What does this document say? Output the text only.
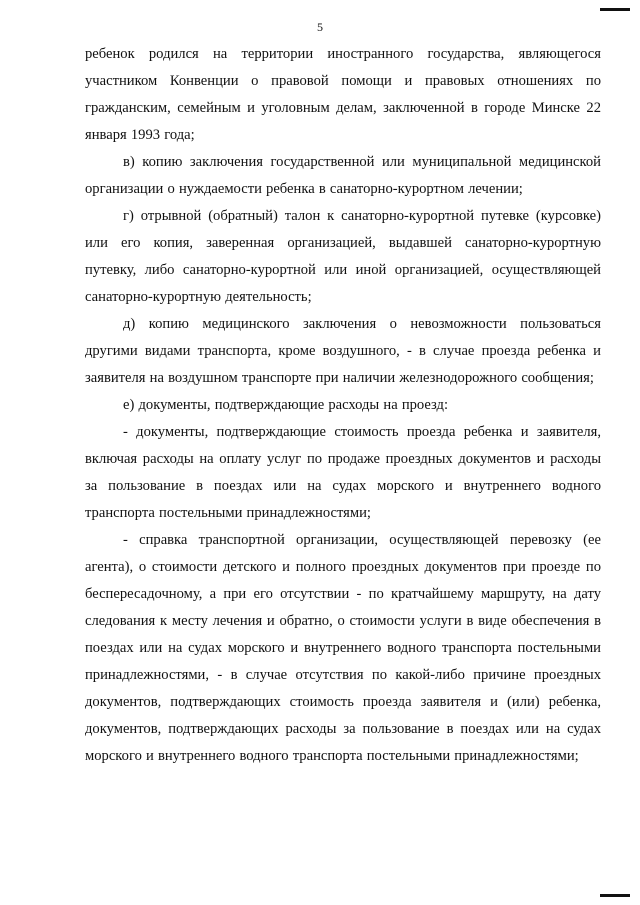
5

ребенок родился на территории иностранного государства, являющегося участником Конвенции о правовой помощи и правовых отношениях по гражданским, семейным и уголовным делам, заключенной в городе Минске 22 января 1993 года;

в) копию заключения государственной или муниципальной медицинской организации о нуждаемости ребенка в санаторно-курортном лечении;

г) отрывной (обратный) талон к санаторно-курортной путевке (курсовке) или его копия, заверенная организацией, выдавшей санаторно-курортную путевку, либо санаторно-курортной или иной организацией, осуществляющей санаторно-курортную деятельность;

д) копию медицинского заключения о невозможности пользоваться другими видами транспорта, кроме воздушного, - в случае проезда ребенка и заявителя на воздушном транспорте при наличии железнодорожного сообщения;

е) документы, подтверждающие расходы на проезд:

- документы, подтверждающие стоимость проезда ребенка и заявителя, включая расходы на оплату услуг по продаже проездных документов и расходы за пользование в поездах или на судах морского и внутреннего водного транспорта постельными принадлежностями;

- справка транспортной организации, осуществляющей перевозку (ее агента), о стоимости детского и полного проездных документов при проезде по беспересадочному, а при его отсутствии - по кратчайшему маршруту, на дату следования к месту лечения и обратно, о стоимости услуги в виде обеспечения в поездах или на судах морского и внутреннего водного транспорта постельными принадлежностями, - в случае отсутствия по какой-либо причине проездных документов, подтверждающих стоимость проезда заявителя и (или) ребенка, документов, подтверждающих расходы за пользование в поездах или на судах морского и внутреннего водного транспорта постельными принадлежностями;
